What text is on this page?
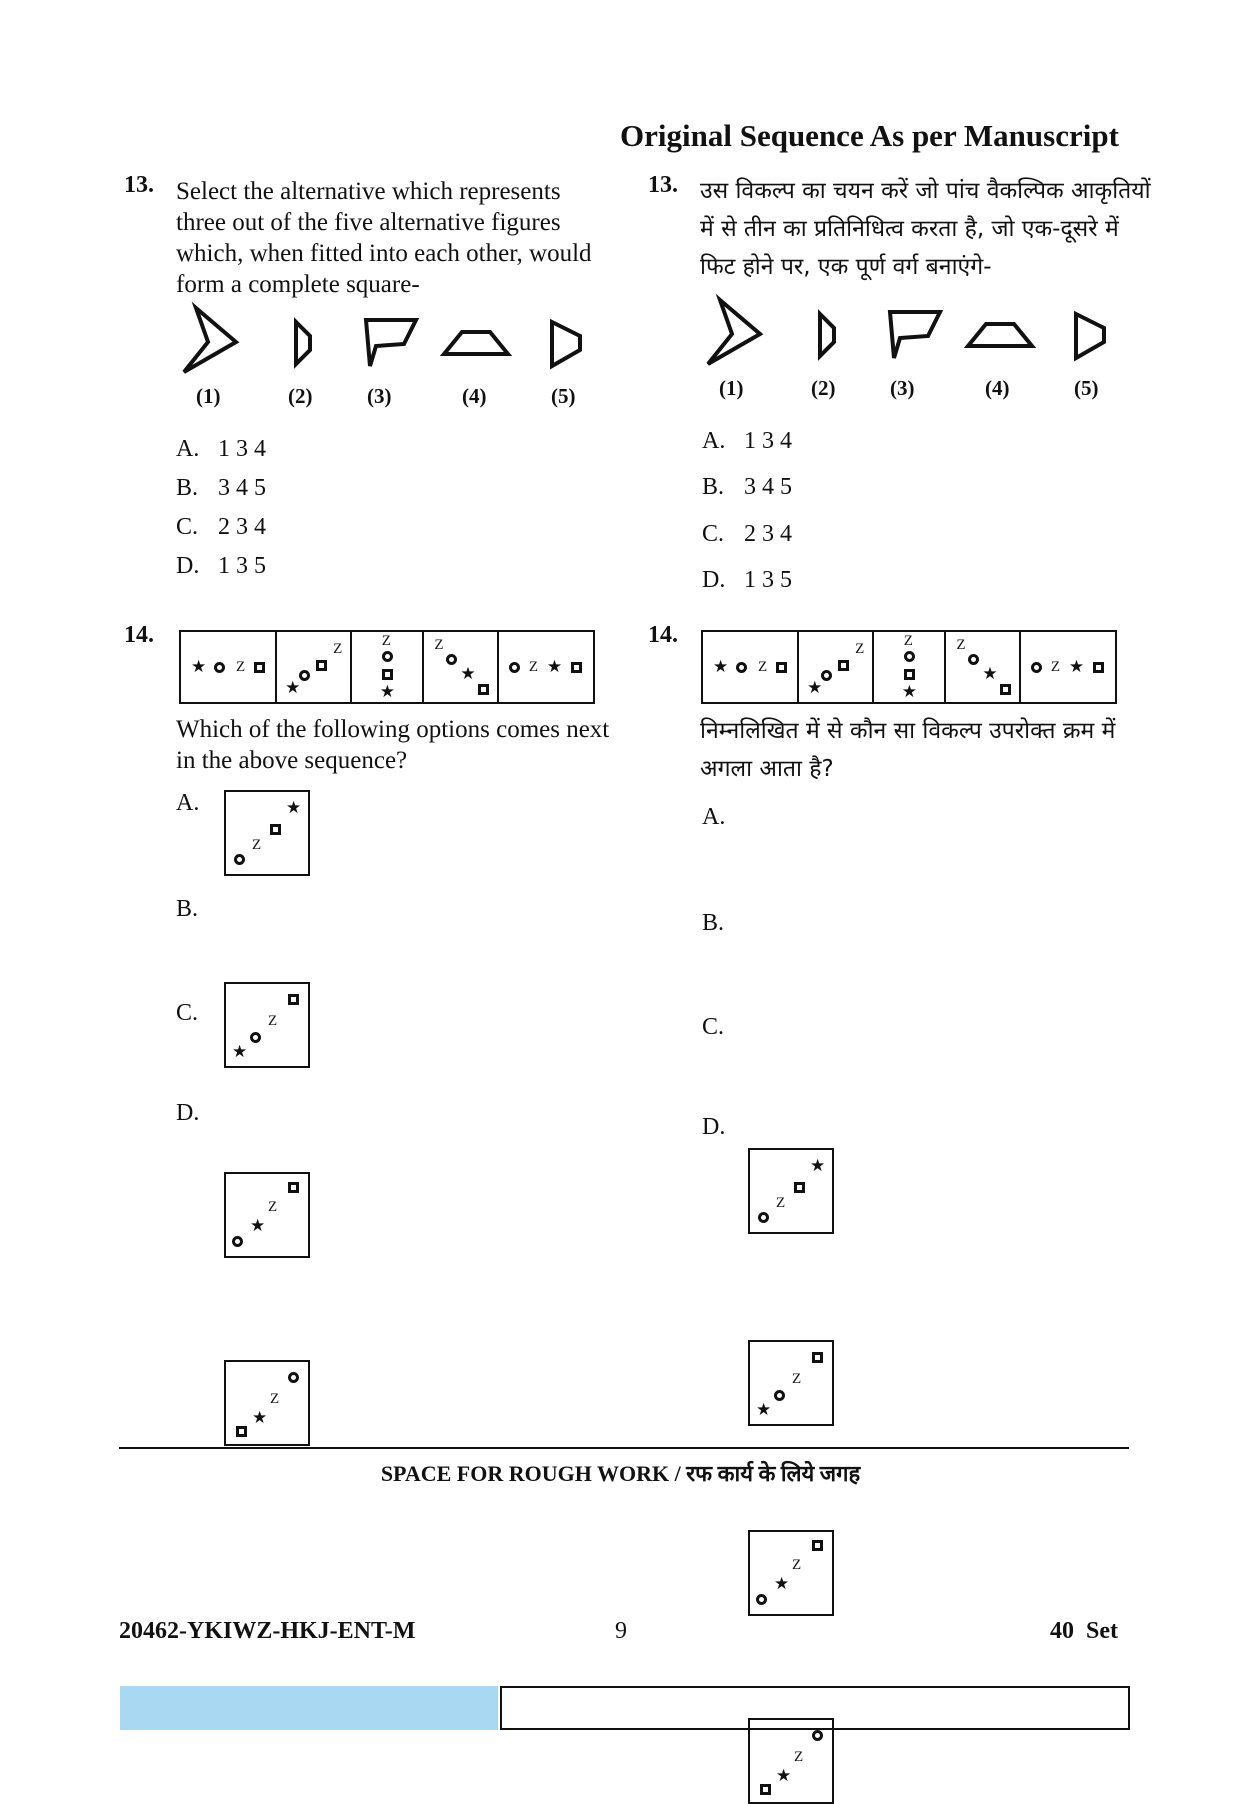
Original Sequence As per Manuscript
13. Select the alternative which represents three out of the five alternative figures which, when fitted into each other, would form a complete square-
(1)	(2)	(3)	(4)	(5)
A. 1 3 4
B. 3 4 5
C. 2 3 4
D. 1 3 5
14.
★ Z
★
Z	Z
★
Z
★	Z ★
Which of the following options comes next in the above sequence?
A.
Z
★
B.
★
Z
C.
★
Z
D.
★
Z
13. उस विकल्प का चयन करें जो पांच वैकल्पिक आकृतियों में से तीन का प्रतिनिधित्व करता है, जो एक-दूसरे में फिट होने पर, एक पूर्ण वर्ग बनाएंगे-
(1)	(2)	(3)	(4)	(5)
A. 1 3 4
B. 3 4 5
C. 2 3 4
D. 1 3 5
14.
★ Z
★
Z	Z
★
Z
★	Z ★
निम्नलिखित में से कौन सा विकल्प उपरोक्त क्रम में अगला आता है?
A.
Z
★
B.
★
Z
C.
★
Z
D.
★
Z
SPACE FOR ROUGH WORK / रफ कार्य के लिये जगह
20462-YKIWZ-HKJ-ENT-M	9	40  Set
